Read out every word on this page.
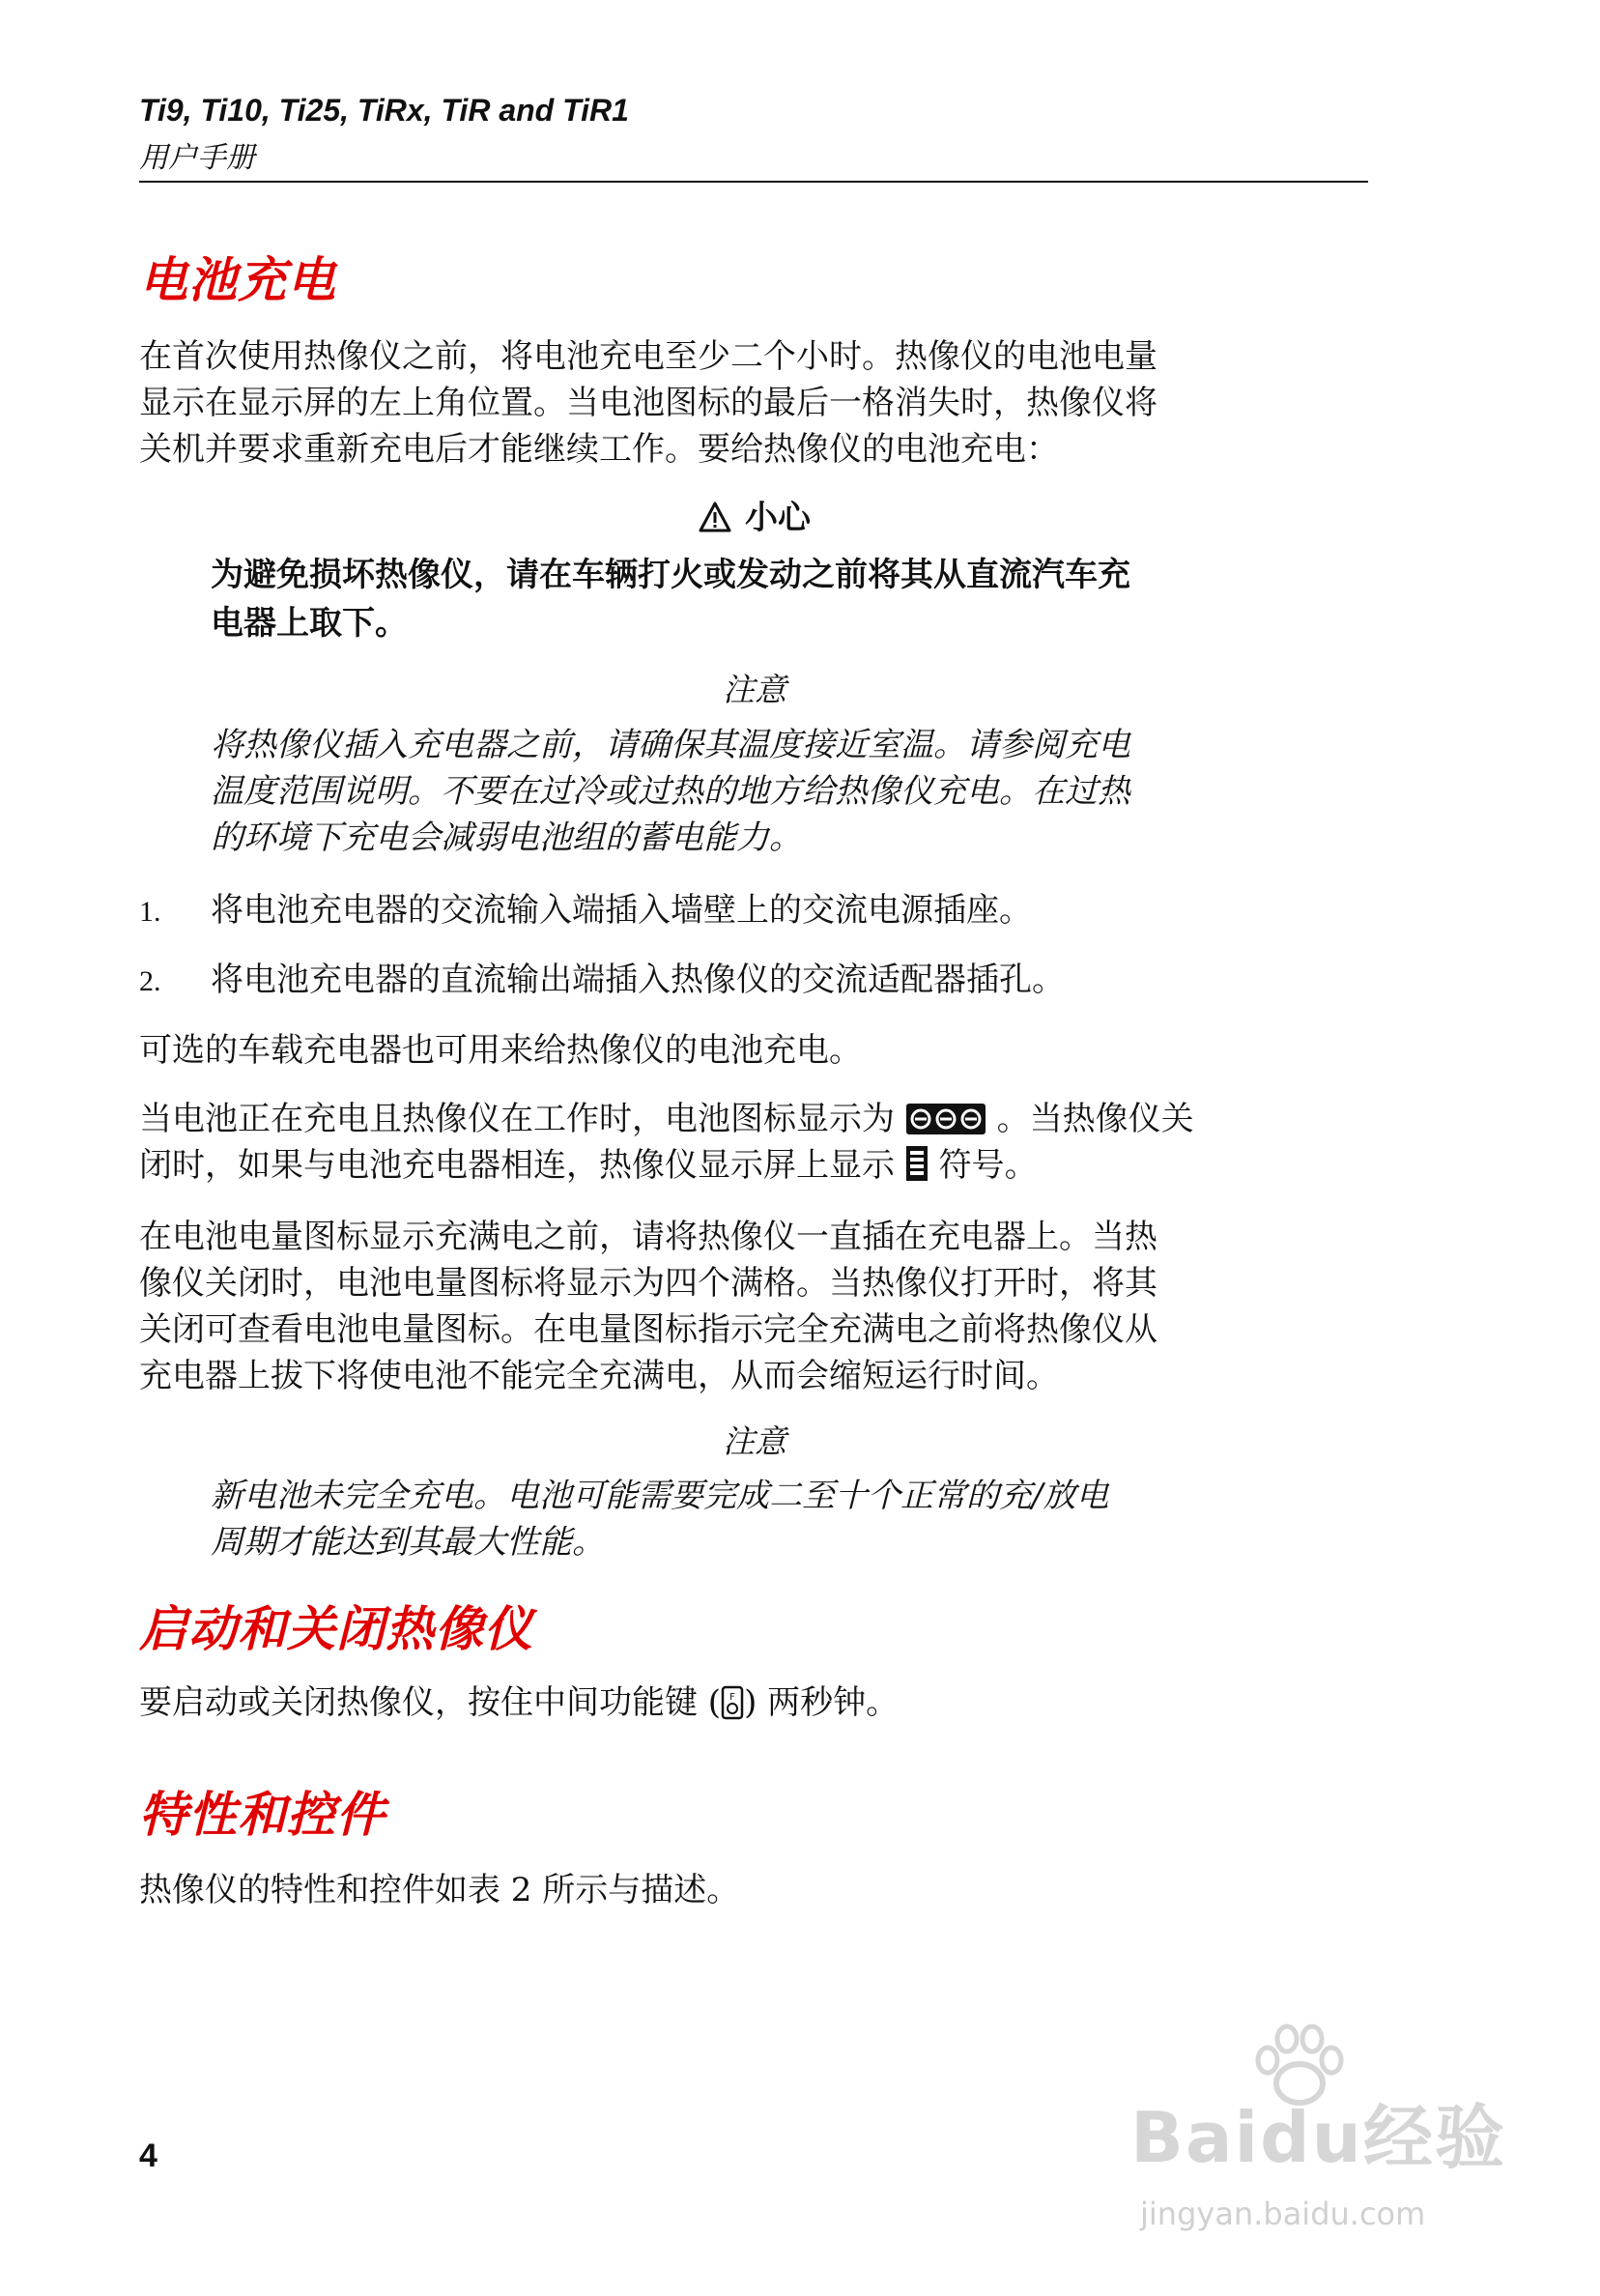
Ti9, Ti10, Ti25, TiRx, TiR and TiR1
用户手册
电池充电
在首次使用热像仪之前，将电池充电至少二个小时。热像仪的电池电量
显示在显示屏的左上角位置。当电池图标的最后一格消失时，热像仪将
关机并要求重新充电后才能继续工作。要给热像仪的电池充电：
小心
为避免损坏热像仪，请在车辆打火或发动之前将其从直流汽车充
电器上取下。
注意
将热像仪插入充电器之前，请确保其温度接近室温。请参阅充电
温度范围说明。不要在过冷或过热的地方给热像仪充电。在过热
的环境下充电会减弱电池组的蓄电能力。
1. 将电池充电器的交流输入端插入墙壁上的交流电源插座。
2. 将电池充电器的直流输出端插入热像仪的交流适配器插孔。
可选的车载充电器也可用来给热像仪的电池充电。
当电池正在充电且热像仪在工作时，电池图标显示为	。当热像仪关
闭时，如果与电池充电器相连，热像仪显示屏上显示 符号。
在电池电量图标显示充满电之前，请将热像仪一直插在充电器上。当热
像仪关闭时，电池电量图标将显示为四个满格。当热像仪打开时，将其
关闭可查看电池电量图标。在电量图标指示完全充满电之前将热像仪从
充电器上拔下将使电池不能完全充满电，从而会缩短运行时间。
注意
新电池未完全充电。电池可能需要完成二至十个正常的充/放电
周期才能达到其最大性能。
启动和关闭热像仪
要启动或关闭热像仪，按住中间功能键 ( F ) 两秒钟。
特性和控件
热像仪的特性和控件如表 2 所示与描述。
4	Baidu经验
jingyan.baidu.com
